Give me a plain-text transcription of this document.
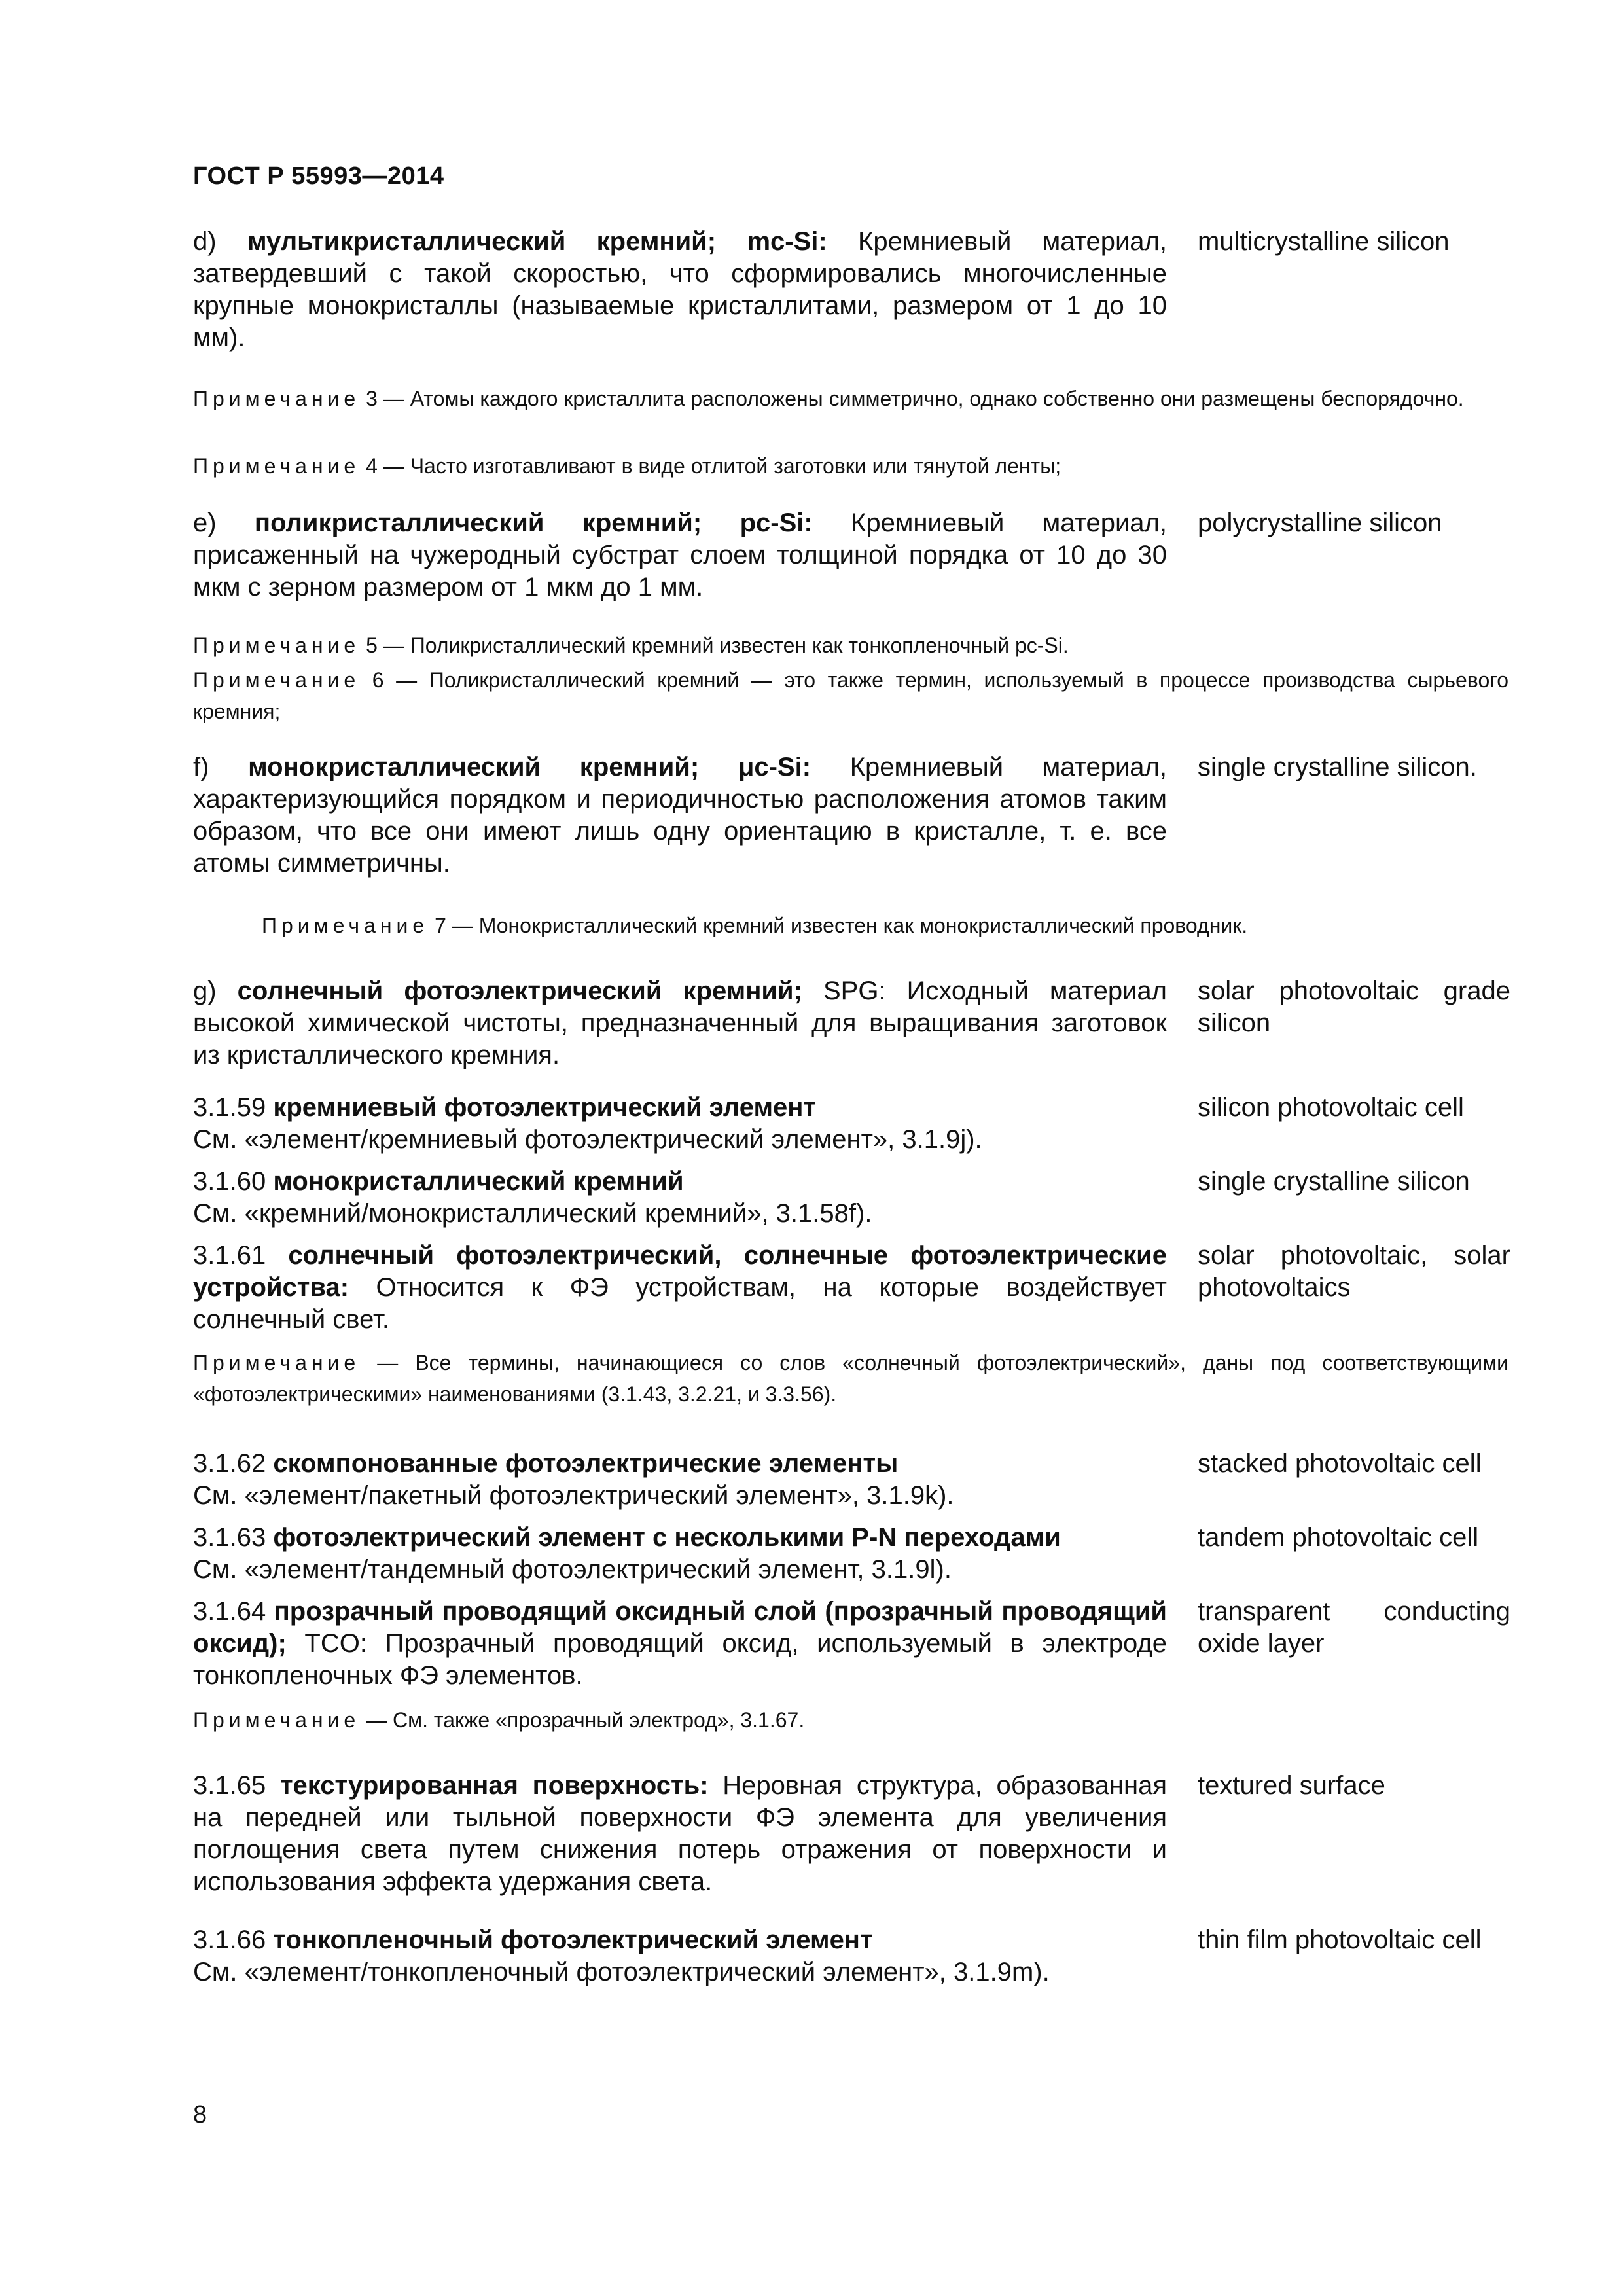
ГОСТ Р 55993—2014
d) мультикристаллический кремний; mc-Si: Кремниевый материал, затвердевший с такой скоростью, что сформировались многочисленные крупные монокристаллы (называемые кристаллитами, размером от 1 до 10 мм).
multicrystalline silicon
Примечание 3 — Атомы каждого кристаллита расположены симметрично, однако собственно они размещены беспорядочно.
Примечание 4 — Часто изготавливают в виде отлитой заготовки или тянутой ленты;
e) поликристаллический кремний; pc-Si: Кремниевый материал, присаженный на чужеродный субстрат слоем толщиной порядка от 10 до 30 мкм с зерном размером от 1 мкм до 1 мм.
polycrystalline silicon
Примечание 5 — Поликристаллический кремний известен как тонкопленочный pc-Si.
Примечание 6 — Поликристаллический кремний — это также термин, используемый в процессе производства сырьевого кремния;
f) монокристаллический кремний; μc-Si: Кремниевый материал, характеризующийся порядком и периодичностью расположения атомов таким образом, что все они имеют лишь одну ориентацию в кристалле, т. е. все атомы симметричны.
single crystalline silicon.
Примечание 7 — Монокристаллический кремний известен как монокристаллический проводник.
g) солнечный фотоэлектрический кремний; SPG: Исходный материал высокой химической чистоты, предназначенный для выращивания заготовок из кристаллического кремния.
solar photovoltaic grade silicon
3.1.59 кремниевый фотоэлектрический элемент
См. «элемент/кремниевый фотоэлектрический элемент», 3.1.9j).
silicon photovoltaic cell
3.1.60 монокристаллический кремний
См. «кремний/монокристаллический кремний», 3.1.58f).
single crystalline silicon
3.1.61 солнечный фотоэлектрический, солнечные фотоэлектрические устройства: Относится к ФЭ устройствам, на которые воздействует солнечный свет.
solar photovoltaic, solar photovoltaics
Примечание — Все термины, начинающиеся со слов «солнечный фотоэлектрический», даны под соответствующими «фотоэлектрическими» наименованиями (3.1.43, 3.2.21, и 3.3.56).
3.1.62 скомпонованные фотоэлектрические элементы
См. «элемент/пакетный фотоэлектрический элемент», 3.1.9k).
stacked photovoltaic cell
3.1.63 фотоэлектрический элемент с несколькими P-N переходами
См. «элемент/тандемный фотоэлектрический элемент, 3.1.9l).
tandem photovoltaic cell
3.1.64 прозрачный проводящий оксидный слой (прозрачный проводящий оксид); TCO: Прозрачный проводящий оксид, используемый в электроде тонкопленочных ФЭ элементов.
transparent conducting oxide layer
Примечание — См. также «прозрачный электрод», 3.1.67.
3.1.65 текстурированная поверхность: Неровная структура, образованная на передней или тыльной поверхности ФЭ элемента для увеличения поглощения света путем снижения потерь отражения от поверхности и использования эффекта удержания света.
textured surface
3.1.66 тонкопленочный фотоэлектрический элемент
См. «элемент/тонкопленочный фотоэлектрический элемент», 3.1.9m).
thin film photovoltaic cell
8
